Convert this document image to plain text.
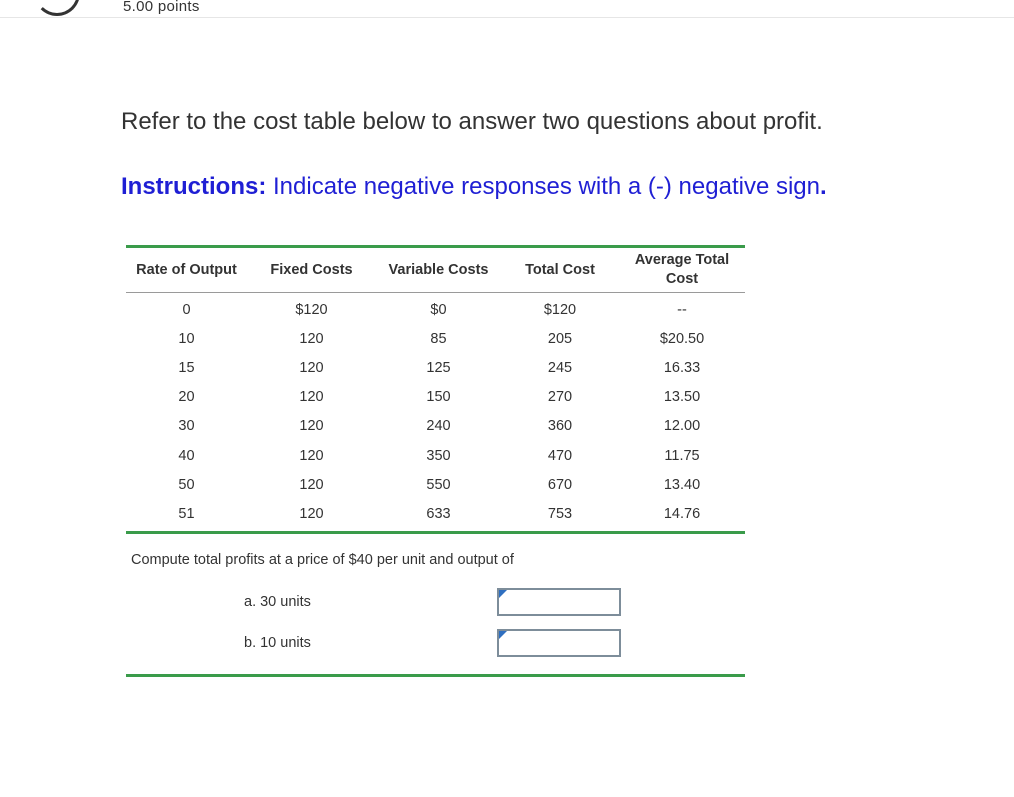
5.00 points
Refer to the cost table below to answer two questions about profit.
Instructions: Indicate negative responses with a (-) negative sign.
Rate of Output	Fixed Costs	Variable Costs	Total Cost	Average Total Cost
0	$120	$0	$120	--
10	120	85	205	$20.50
15	120	125	245	16.33
20	120	150	270	13.50
30	120	240	360	12.00
40	120	350	470	11.75
50	120	550	670	13.40
51	120	633	753	14.76
Compute total profits at a price of $40 per unit and output of
a. 30 units
b. 10 units
